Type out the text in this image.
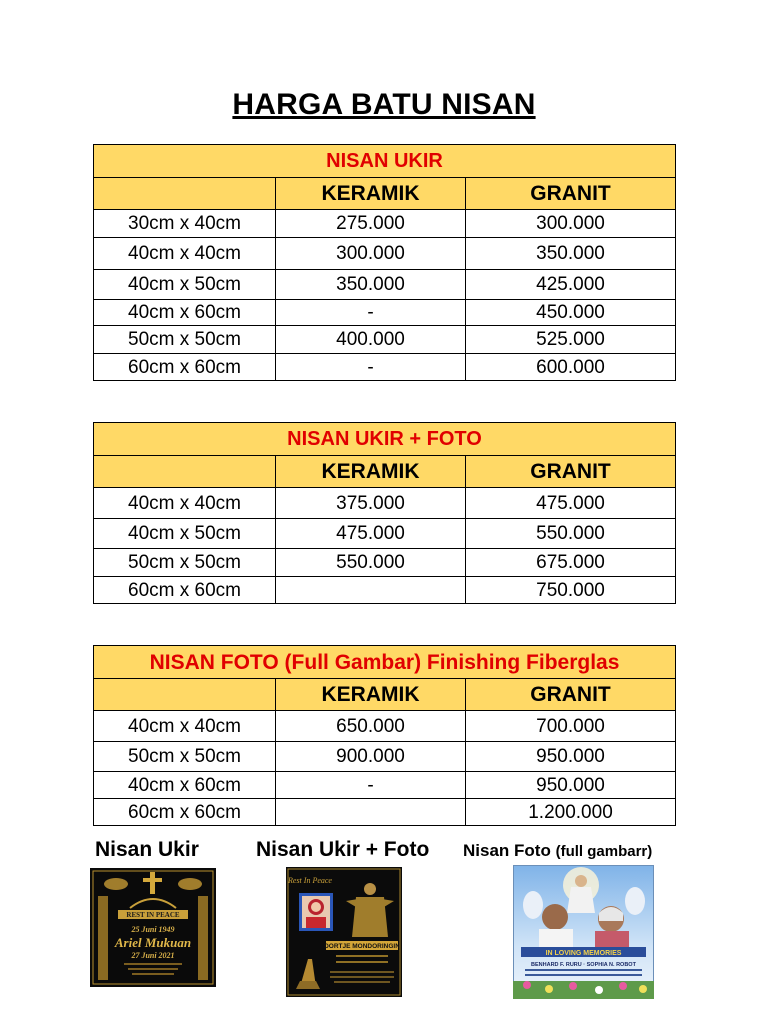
HARGA BATU NISAN
NISAN UKIR		
	KERAMIK	GRANIT
30cm x 40cm	275.000	300.000
40cm x 40cm	300.000	350.000
40cm x 50cm	350.000	425.000
40cm x 60cm	-	450.000
50cm x 50cm	400.000	525.000
60cm x 60cm	-	600.000
NISAN UKIR + FOTO		
	KERAMIK	GRANIT
40cm x 40cm	375.000	475.000
40cm x 50cm	475.000	550.000
50cm x 50cm	550.000	675.000
60cm x 60cm		750.000
NISAN FOTO (Full Gambar) Finishing Fiberglas		
	KERAMIK	GRANIT
40cm x 40cm	650.000	700.000
50cm x 50cm	900.000	950.000
40cm x 60cm	-	950.000
60cm x 60cm		1.200.000
Nisan Ukir	Nisan Ukir + Foto Nisan Foto (full gambarr)
REST IN PEACE
25 Juni 1949
Ariel Mukuan
27 Juni 2021
Rest In Peace
DORTJE MONDORINGIN
IN LOVING MEMORIES
BENHARD F. RURU · SOPHIA N. ROBOT
